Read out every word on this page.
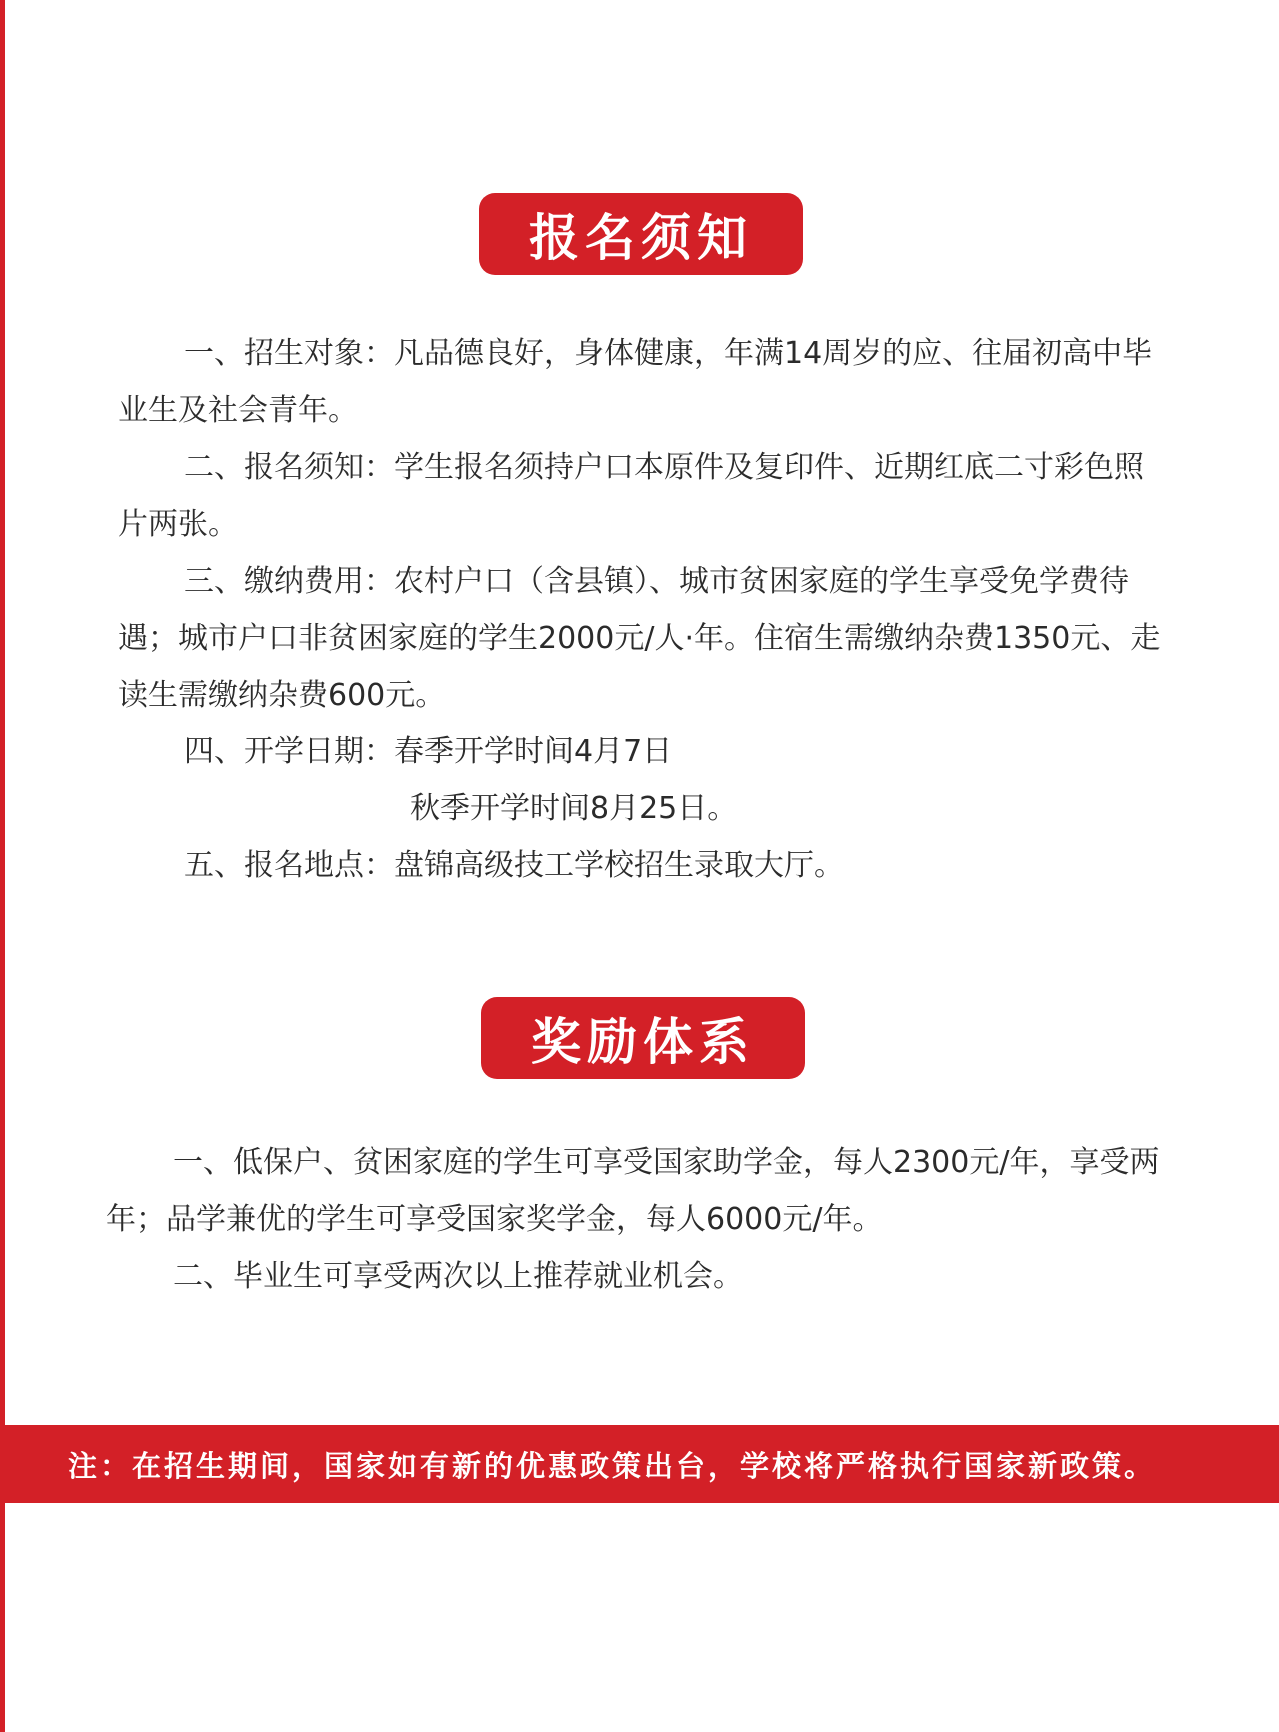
报名须知

一、招生对象：凡品德良好，身体健康，年满14周岁的应、往届初高中毕业生及社会青年。

二、报名须知：学生报名须持户口本原件及复印件、近期红底二寸彩色照片两张。

三、缴纳费用：农村户口（含县镇）、城市贫困家庭的学生享受免学费待遇；城市户口非贫困家庭的学生2000元/人·年。住宿生需缴纳杂费1350元、走读生需缴纳杂费600元。

四、开学日期：春季开学时间4月7日

秋季开学时间8月25日。

五、报名地点：盘锦高级技工学校招生录取大厅。

奖励体系

一、低保户、贫困家庭的学生可享受国家助学金，每人2300元/年，享受两年；品学兼优的学生可享受国家奖学金，每人6000元/年。

二、毕业生可享受两次以上推荐就业机会。

注：在招生期间，国家如有新的优惠政策出台，学校将严格执行国家新政策。
